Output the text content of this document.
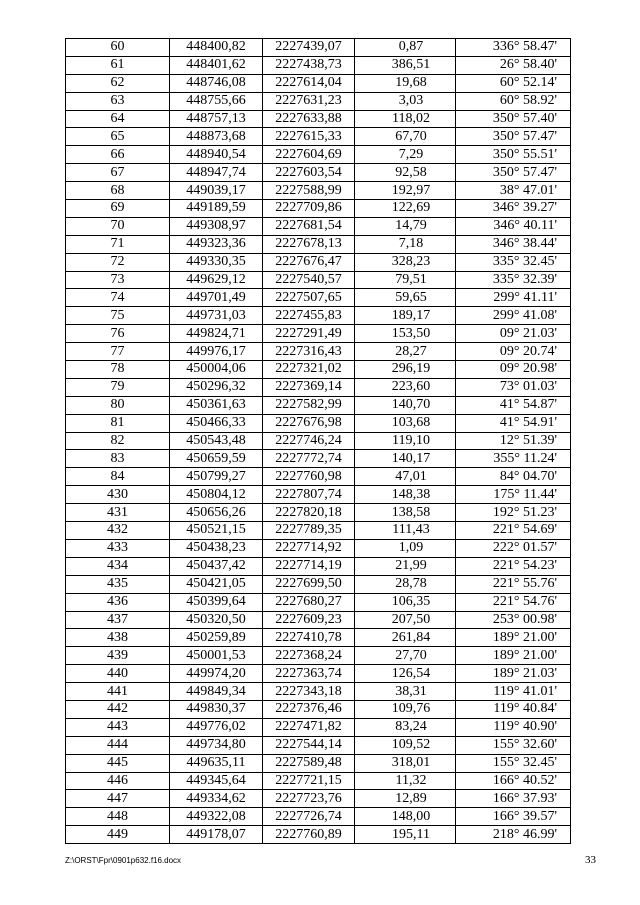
60	448400,82	2227439,07	0,87	336° 58.47'
61	448401,62	2227438,73	386,51	26° 58.40'
62	448746,08	2227614,04	19,68	60° 52.14'
63	448755,66	2227631,23	3,03	60° 58.92'
64	448757,13	2227633,88	118,02	350° 57.40'
65	448873,68	2227615,33	67,70	350° 57.47'
66	448940,54	2227604,69	7,29	350° 55.51'
67	448947,74	2227603,54	92,58	350° 57.47'
68	449039,17	2227588,99	192,97	38° 47.01'
69	449189,59	2227709,86	122,69	346° 39.27'
70	449308,97	2227681,54	14,79	346° 40.11'
71	449323,36	2227678,13	7,18	346° 38.44'
72	449330,35	2227676,47	328,23	335° 32.45'
73	449629,12	2227540,57	79,51	335° 32.39'
74	449701,49	2227507,65	59,65	299° 41.11'
75	449731,03	2227455,83	189,17	299° 41.08'
76	449824,71	2227291,49	153,50	09° 21.03'
77	449976,17	2227316,43	28,27	09° 20.74'
78	450004,06	2227321,02	296,19	09° 20.98'
79	450296,32	2227369,14	223,60	73° 01.03'
80	450361,63	2227582,99	140,70	41° 54.87'
81	450466,33	2227676,98	103,68	41° 54.91'
82	450543,48	2227746,24	119,10	12° 51.39'
83	450659,59	2227772,74	140,17	355° 11.24'
84	450799,27	2227760,98	47,01	84° 04.70'
430	450804,12	2227807,74	148,38	175° 11.44'
431	450656,26	2227820,18	138,58	192° 51.23'
432	450521,15	2227789,35	111,43	221° 54.69'
433	450438,23	2227714,92	1,09	222° 01.57'
434	450437,42	2227714,19	21,99	221° 54.23'
435	450421,05	2227699,50	28,78	221° 55.76'
436	450399,64	2227680,27	106,35	221° 54.76'
437	450320,50	2227609,23	207,50	253° 00.98'
438	450259,89	2227410,78	261,84	189° 21.00'
439	450001,53	2227368,24	27,70	189° 21.00'
440	449974,20	2227363,74	126,54	189° 21.03'
441	449849,34	2227343,18	38,31	119° 41.01'
442	449830,37	2227376,46	109,76	119° 40.84'
443	449776,02	2227471,82	83,24	119° 40.90'
444	449734,80	2227544,14	109,52	155° 32.60'
445	449635,11	2227589,48	318,01	155° 32.45'
446	449345,64	2227721,15	11,32	166° 40.52'
447	449334,62	2227723,76	12,89	166° 37.93'
448	449322,08	2227726,74	148,00	166° 39.57'
449	449178,07	2227760,89	195,11	218° 46.99'
Z:\ORST\Fpr\0901p632.f16.docx	33
